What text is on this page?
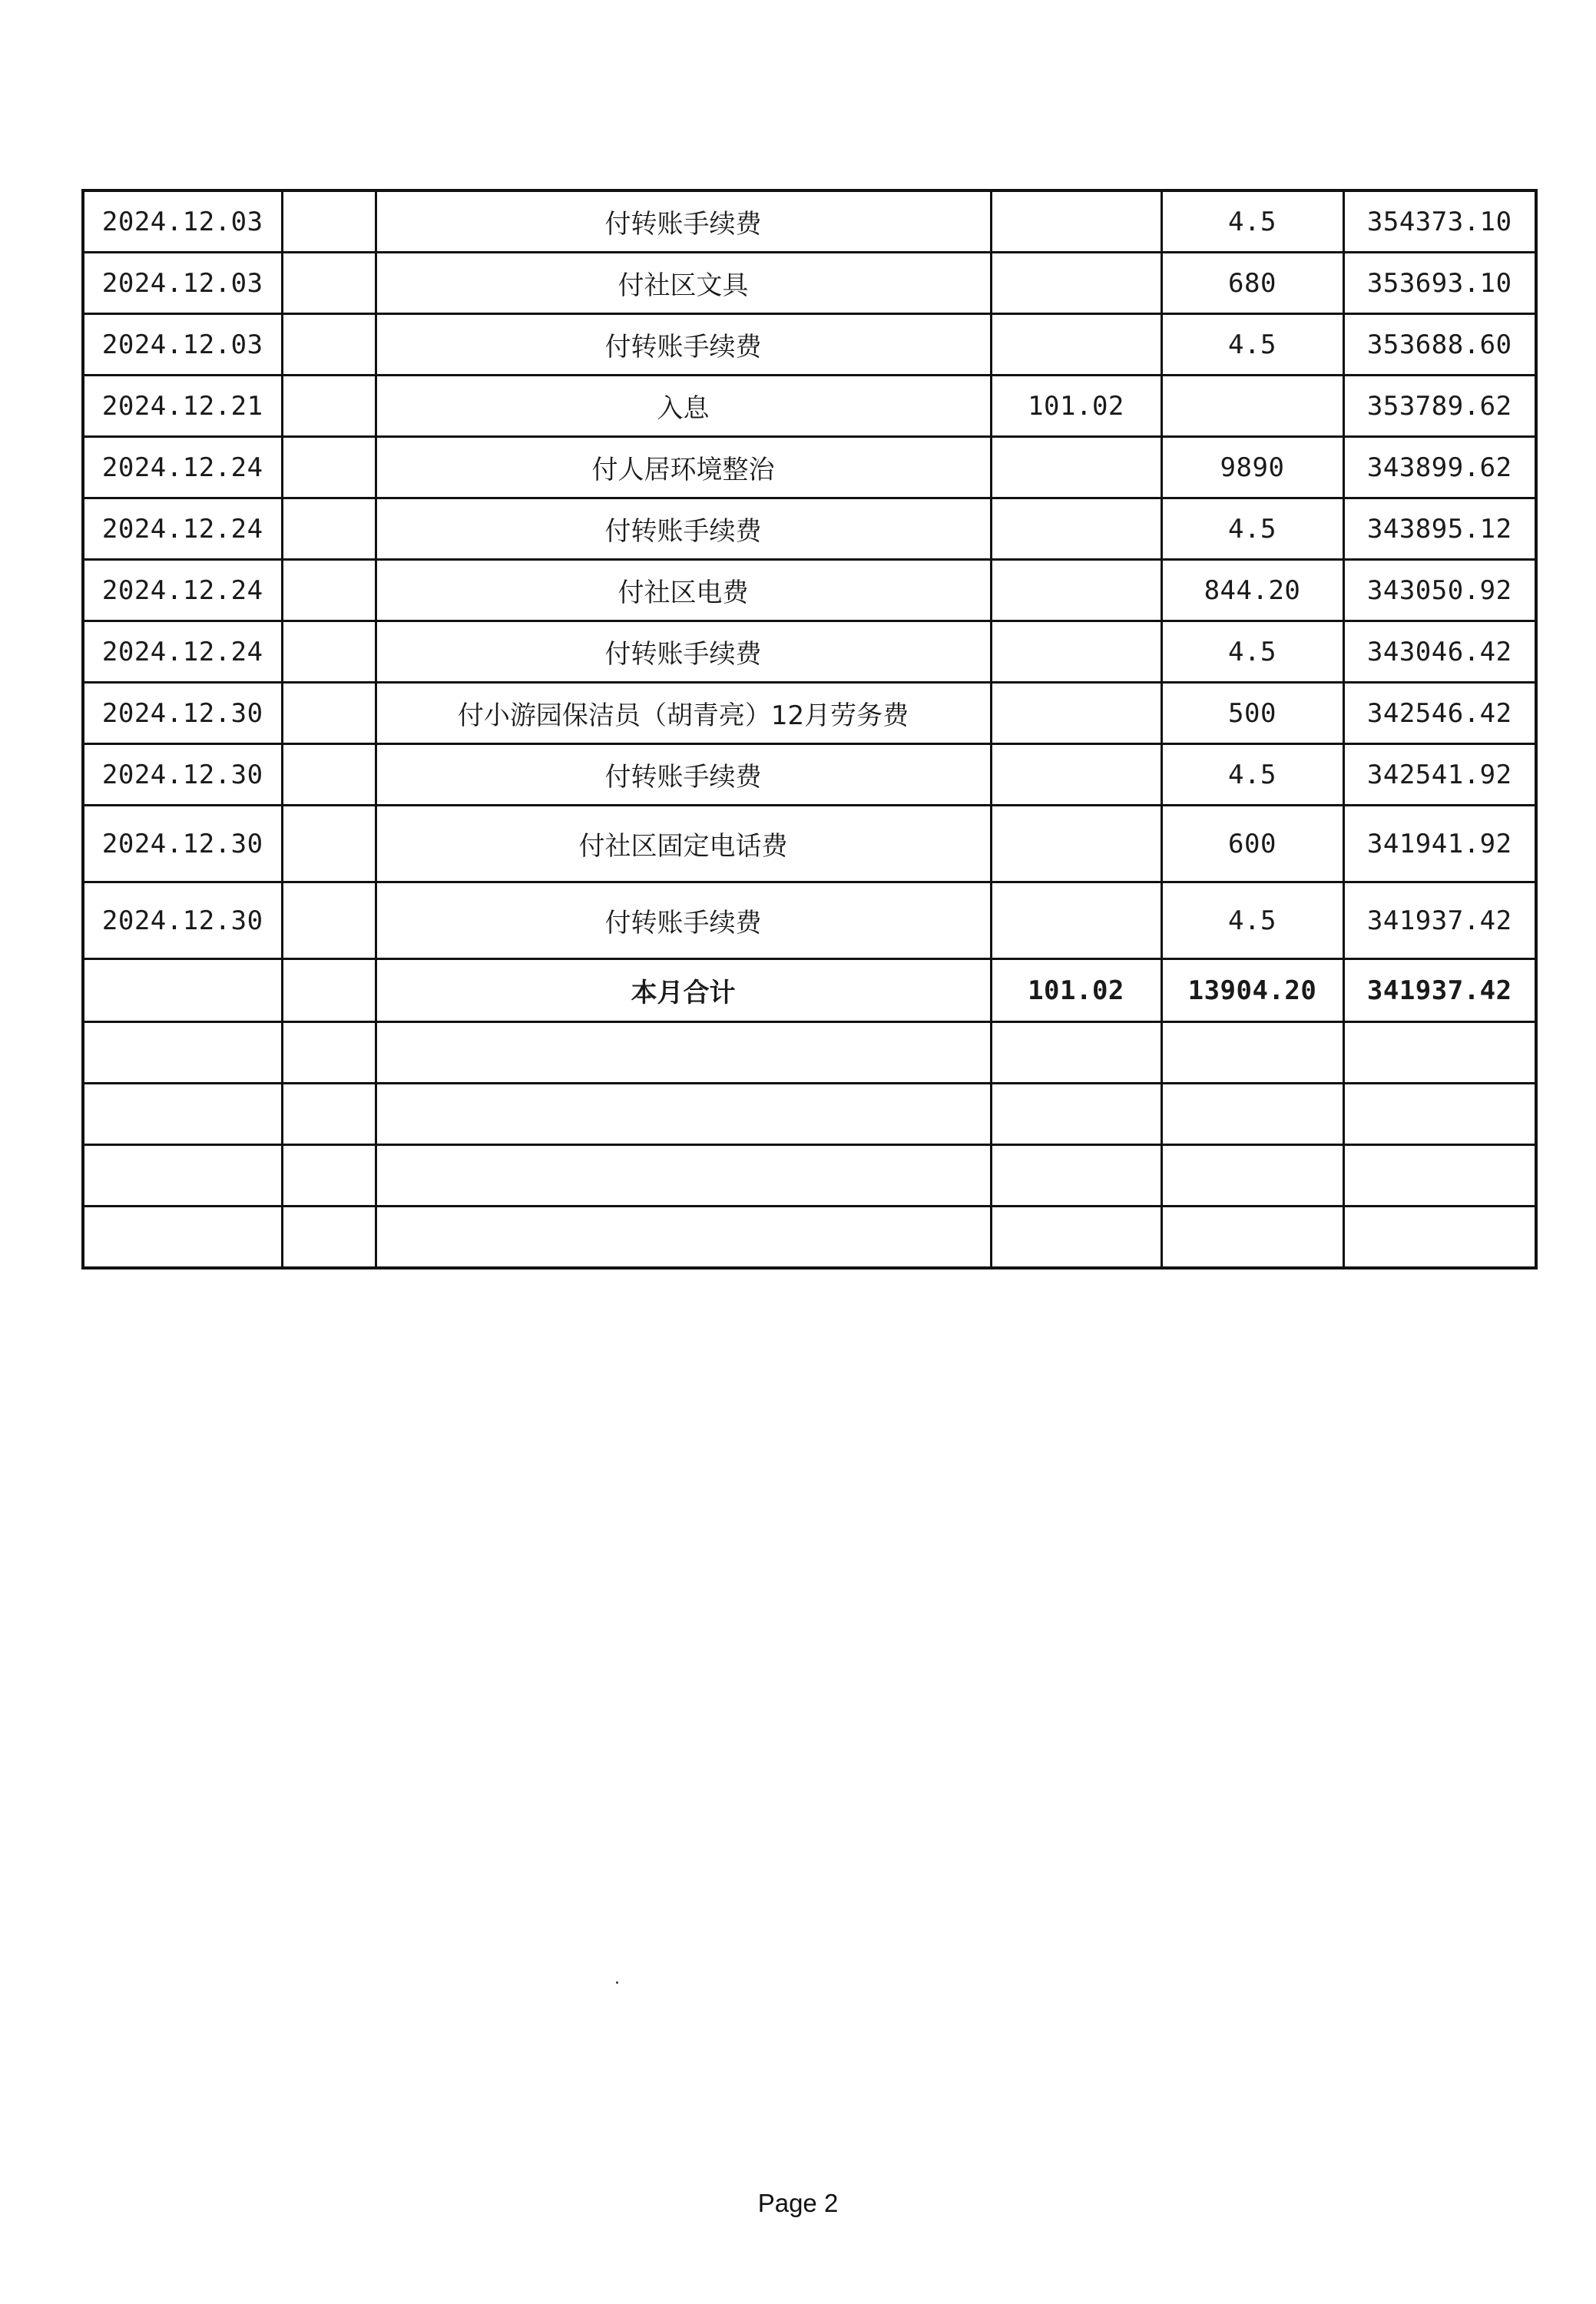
2024.12.03		付转账手续费		4.5	354373.10
2024.12.03		付社区文具		680	353693.10
2024.12.03		付转账手续费		4.5	353688.60
2024.12.21		入息	101.02		353789.62
2024.12.24		付人居环境整治		9890	343899.62
2024.12.24		付转账手续费		4.5	343895.12
2024.12.24		付社区电费		844.20	343050.92
2024.12.24		付转账手续费		4.5	343046.42
2024.12.30		付小游园保洁员（胡青亮）12月劳务费		500	342546.42
2024.12.30		付转账手续费		4.5	342541.92
2024.12.30		付社区固定电话费		600	341941.92
2024.12.30		付转账手续费		4.5	341937.42
		本月合计	101.02	13904.20	341937.42

Page 2
